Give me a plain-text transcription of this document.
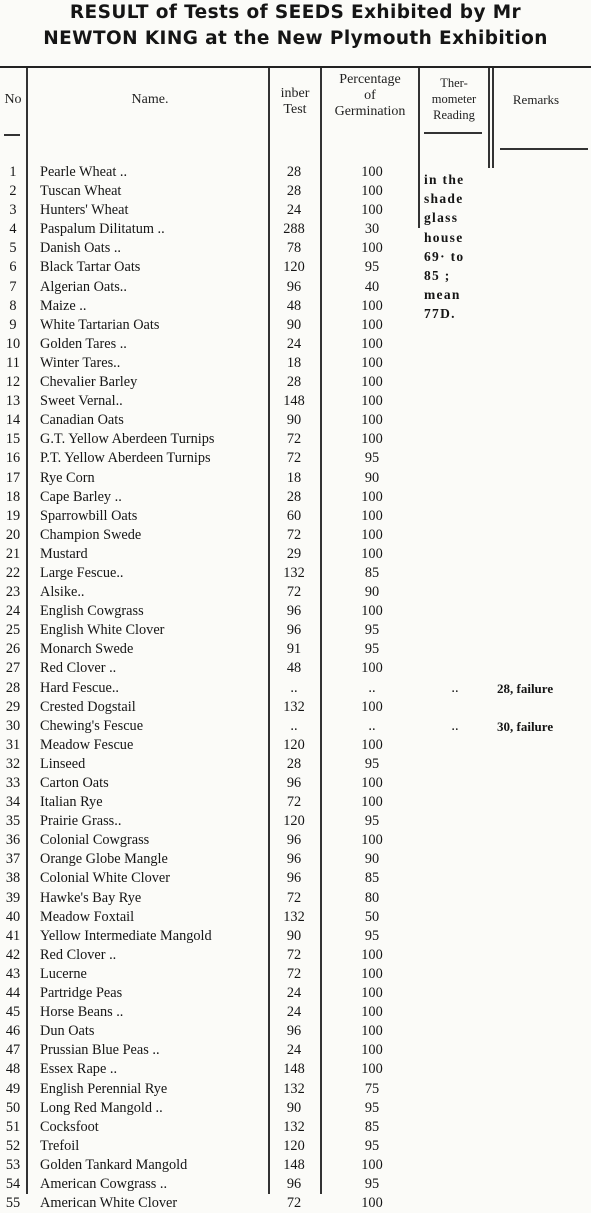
RESULT of Tests of SEEDS Exhibited by Mr
NEWTON KING at the New Plymouth Exhibition
No	Name.	inber
Test
Percentage
of
Germination
Ther-
mometer
Reading
Remarks
in the
shade
glass
house
69· to
85 ;
mean
77D.
1	Pearle Wheat ..	28	100
2	Tuscan Wheat	28	100
3	Hunters' Wheat	24	100
4	Paspalum Dilitatum ..	288	30
5	Danish Oats ..	78	100
6	Black Tartar Oats	120	95
7	Algerian Oats..	96	40
8	Maize ..	48	100
9	White Tartarian Oats	90	100
10	Golden Tares ..	24	100
11	Winter Tares..	18	100
12	Chevalier Barley	28	100
13	Sweet Vernal..	148	100
14	Canadian Oats	90	100
15	G.T. Yellow Aberdeen Turnips	72	100
16	P.T. Yellow Aberdeen Turnips	72	95
17	Rye Corn	18	90
18	Cape Barley ..	28	100
19	Sparrowbill Oats	60	100
20	Champion Swede	72	100
21	Mustard	29	100
22	Large Fescue..	132	85
23	Alsike..	72	90
24	English Cowgrass	96	100
25	English White Clover	96	95
26	Monarch Swede	91	95
27	Red Clover ..	48	100
28	Hard Fescue..	..	..	..	28, failure
29	Crested Dogstail	132	100
30	Chewing's Fescue	..	..	..	30, failure
31	Meadow Fescue	120	100
32	Linseed	28	95
33	Carton Oats	96	100
34	Italian Rye	72	100
35	Prairie Grass..	120	95
36	Colonial Cowgrass	96	100
37	Orange Globe Mangle	96	90
38	Colonial White Clover	96	85
39	Hawke's Bay Rye	72	80
40	Meadow Foxtail	132	50
41	Yellow Intermediate Mangold	90	95
42	Red Clover ..	72	100
43	Lucerne	72	100
44	Partridge Peas	24	100
45	Horse Beans ..	24	100
46	Dun Oats	96	100
47	Prussian Blue Peas ..	24	100
48	Essex Rape ..	148	100
49	English Perennial Rye	132	75
50	Long Red Mangold ..	90	95
51	Cocksfoot	132	85
52	Trefoil	120	95
53	Golden Tankard Mangold	148	100
54	American Cowgrass ..	96	95
55	American White Clover	72	100
